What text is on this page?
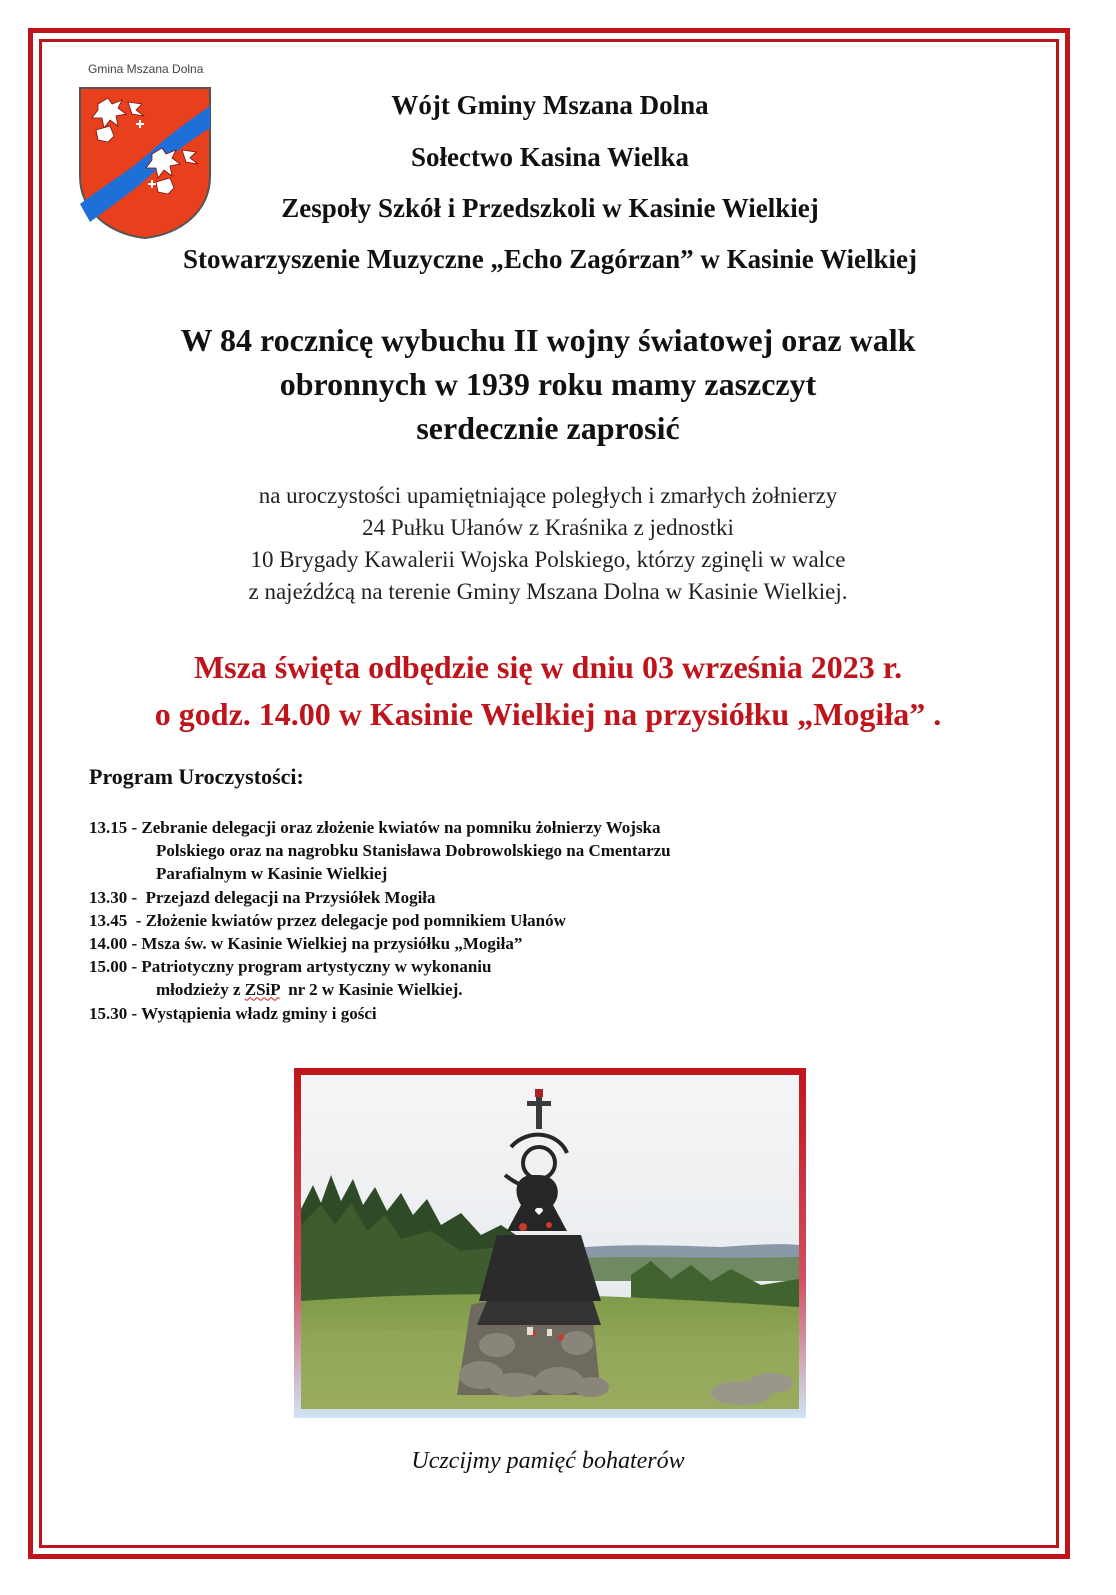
Gmina Mszana Dolna
Wójt Gminy Mszana Dolna
Sołectwo Kasina Wielka
Zespoły Szkół i Przedszkoli w Kasinie Wielkiej
Stowarzyszenie Muzyczne „Echo Zagórzan” w Kasinie Wielkiej
W 84 rocznicę wybuchu II wojny światowej oraz walk
obronnych w 1939 roku mamy zaszczyt
serdecznie zaprosić
na uroczystości upamiętniające poległych i zmarłych żołnierzy
24 Pułku Ułanów z Kraśnika z jednostki
10 Brygady Kawalerii Wojska Polskiego, którzy zginęli w walce
z najeźdźcą na terenie Gminy Mszana Dolna w Kasinie Wielkiej.
Msza święta odbędzie się w dniu 03 września 2023 r.
o godz. 14.00 w Kasinie Wielkiej na przysiółku „Mogiła” .
Program Uroczystości:
13.15 - Zebranie delegacji oraz złożenie kwiatów na pomniku żołnierzy Wojska
Polskiego oraz na nagrobku Stanisława Dobrowolskiego na Cmentarzu
Parafialnym w Kasinie Wielkiej
13.30 -  Przejazd delegacji na Przysiółek Mogiła
13.45  - Złożenie kwiatów przez delegacje pod pomnikiem Ułanów
14.00 - Msza św. w Kasinie Wielkiej na przysiółku „Mogiła”
15.00 - Patriotyczny program artystyczny w wykonaniu
młodzieży z ZSiP  nr 2 w Kasinie Wielkiej.
15.30 - Wystąpienia władz gminy i gości
Uczcijmy pamięć bohaterów
